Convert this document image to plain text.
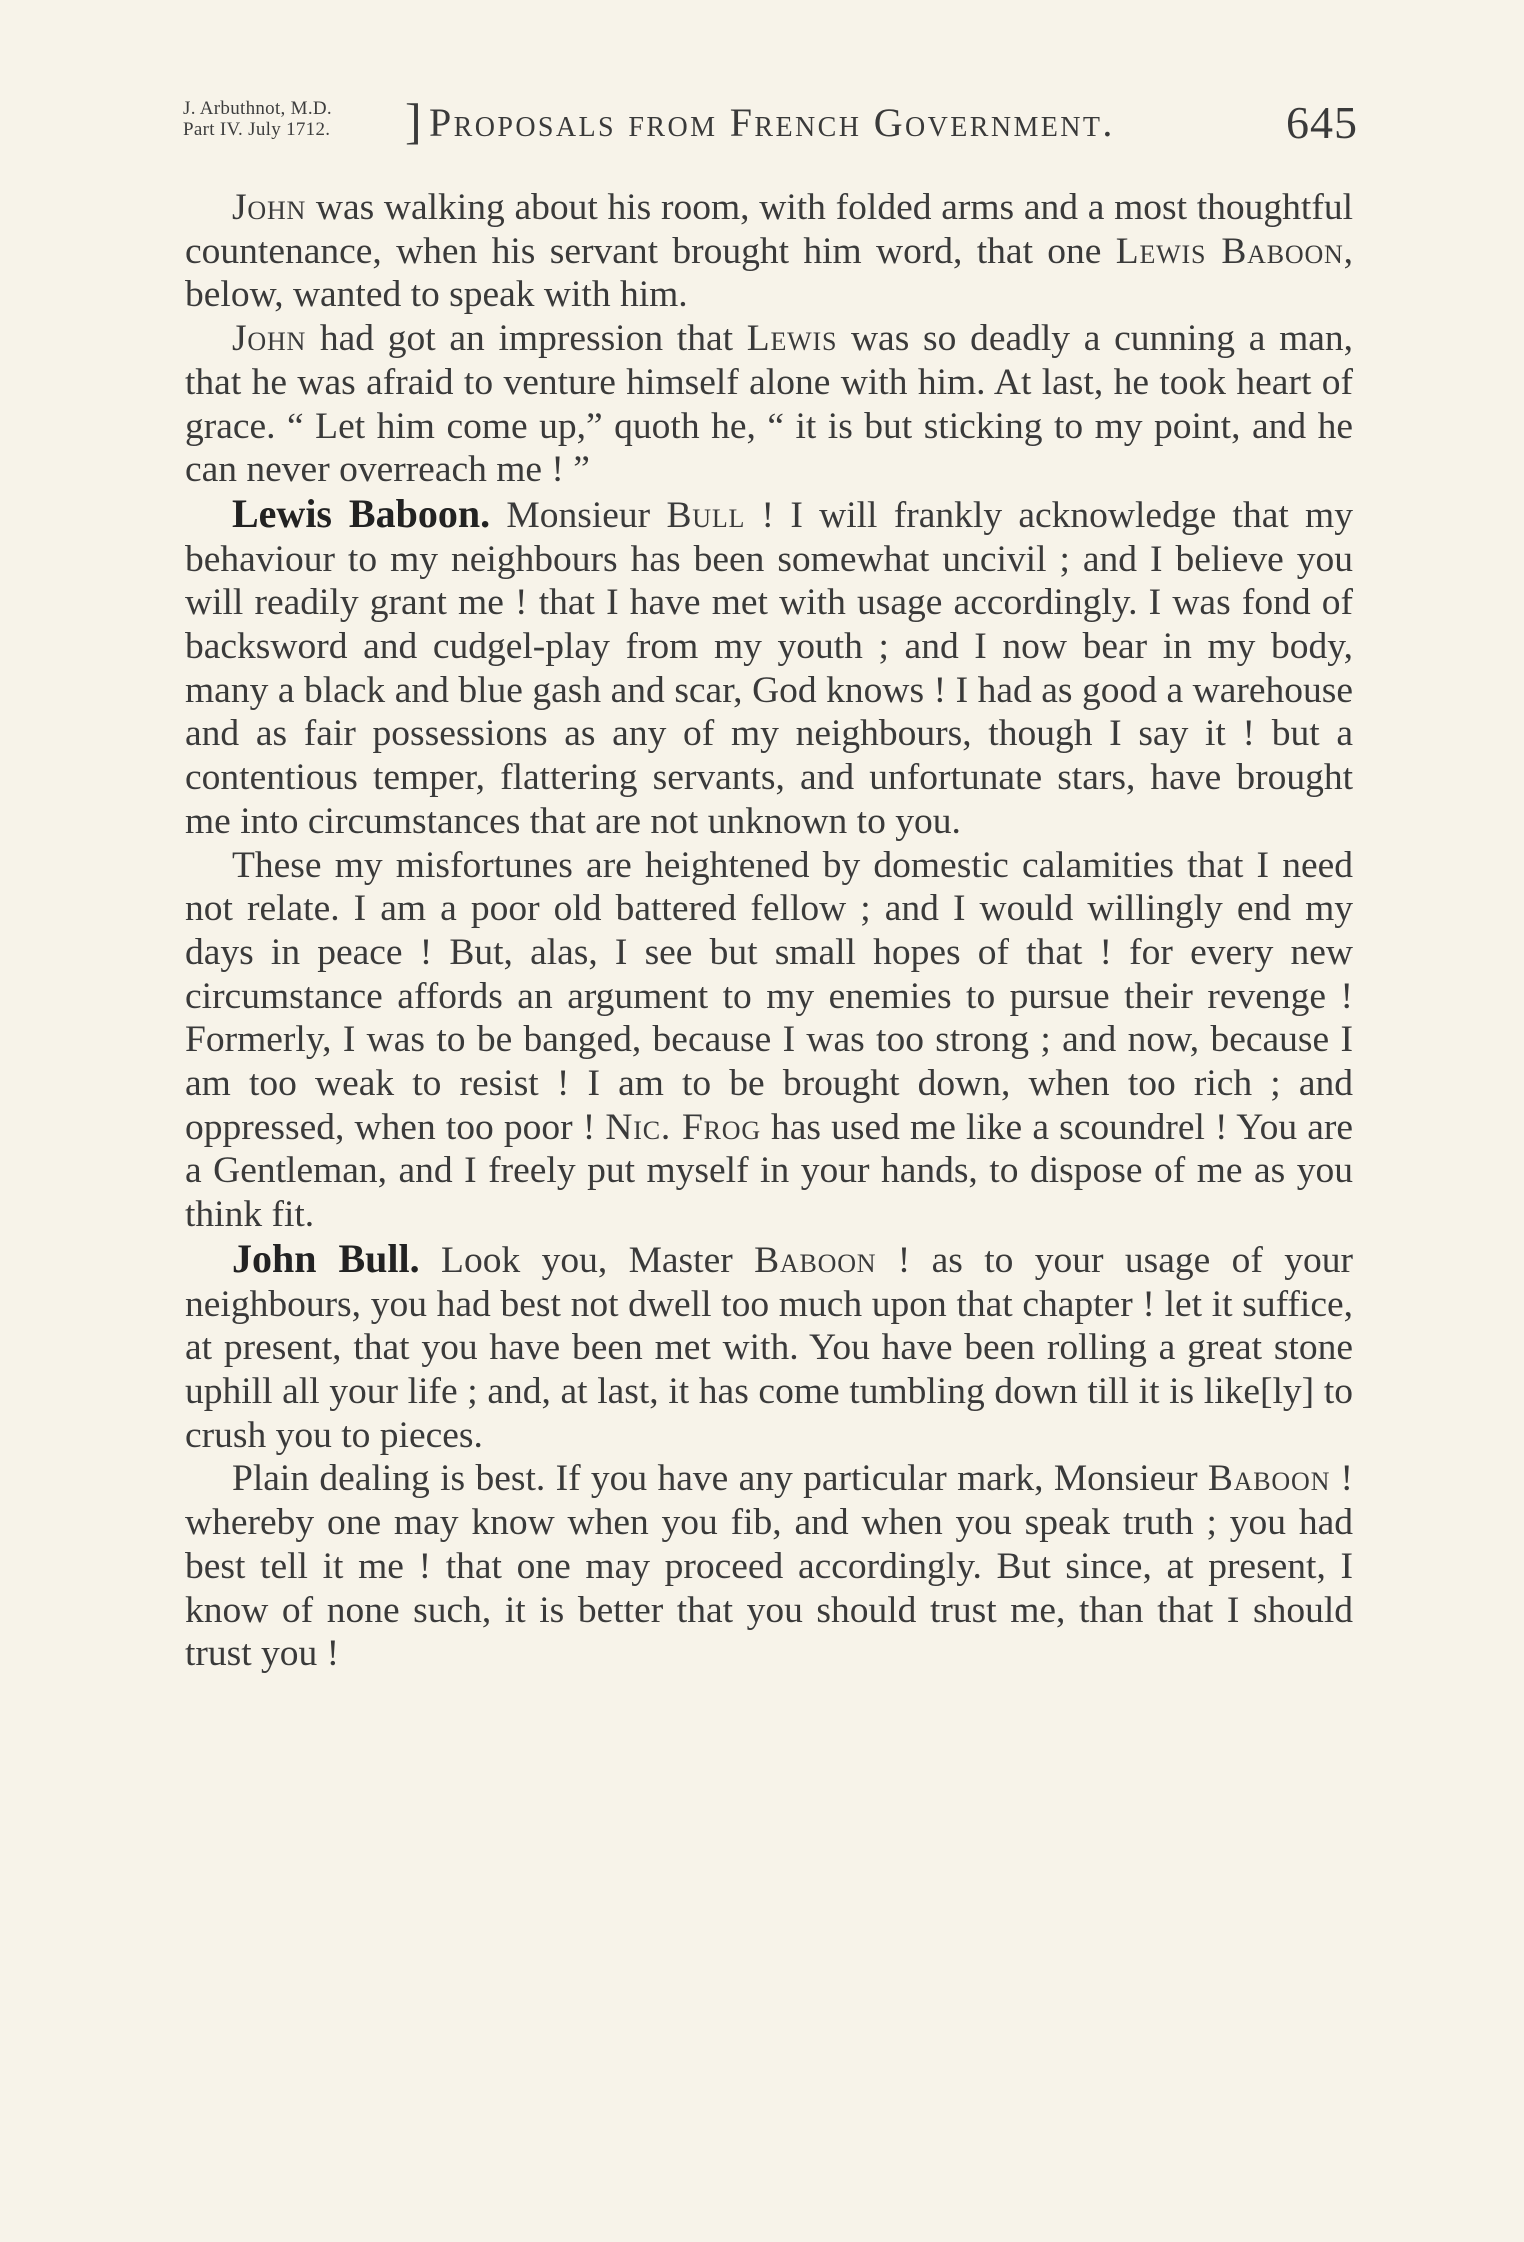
J. Arbuthnot, M.D.
Part IV. July 1712. ] Proposals from French Government.	645

John was walking about his room, with folded arms and a most thoughtful countenance, when his servant brought him word, that one Lewis Baboon, below, wanted to speak with him.

John had got an impression that Lewis was so deadly a cunning a man, that he was afraid to venture himself alone with him. At last, he took heart of grace. “ Let him come up,” quoth he, “ it is but sticking to my point, and he can never overreach me ! ”

Lewis Baboon. Monsieur Bull ! I will frankly acknowledge that my behaviour to my neighbours has been somewhat uncivil ; and I believe you will readily grant me ! that I have met with usage accordingly. I was fond of backsword and cudgel-play from my youth ; and I now bear in my body, many a black and blue gash and scar, God knows ! I had as good a warehouse and as fair possessions as any of my neighbours, though I say it ! but a contentious temper, flattering servants, and unfortunate stars, have brought me into circumstances that are not unknown to you.

These my misfortunes are heightened by domestic calamities that I need not relate. I am a poor old battered fellow ; and I would willingly end my days in peace ! But, alas, I see but small hopes of that ! for every new circumstance affords an argument to my enemies to pursue their revenge ! Formerly, I was to be banged, because I was too strong ; and now, because I am too weak to resist ! I am to be brought down, when too rich ; and oppressed, when too poor ! Nic. Frog has used me like a scoundrel ! You are a Gentleman, and I freely put myself in your hands, to dispose of me as you think fit.

John Bull. Look you, Master Baboon ! as to your usage of your neighbours, you had best not dwell too much upon that chapter ! let it suffice, at present, that you have been met with. You have been rolling a great stone uphill all your life ; and, at last, it has come tumbling down till it is like[ly] to crush you to pieces.

Plain dealing is best. If you have any particular mark, Monsieur Baboon ! whereby one may know when you fib, and when you speak truth ; you had best tell it me ! that one may proceed accordingly. But since, at present, I know of none such, it is better that you should trust me, than that I should trust you !
